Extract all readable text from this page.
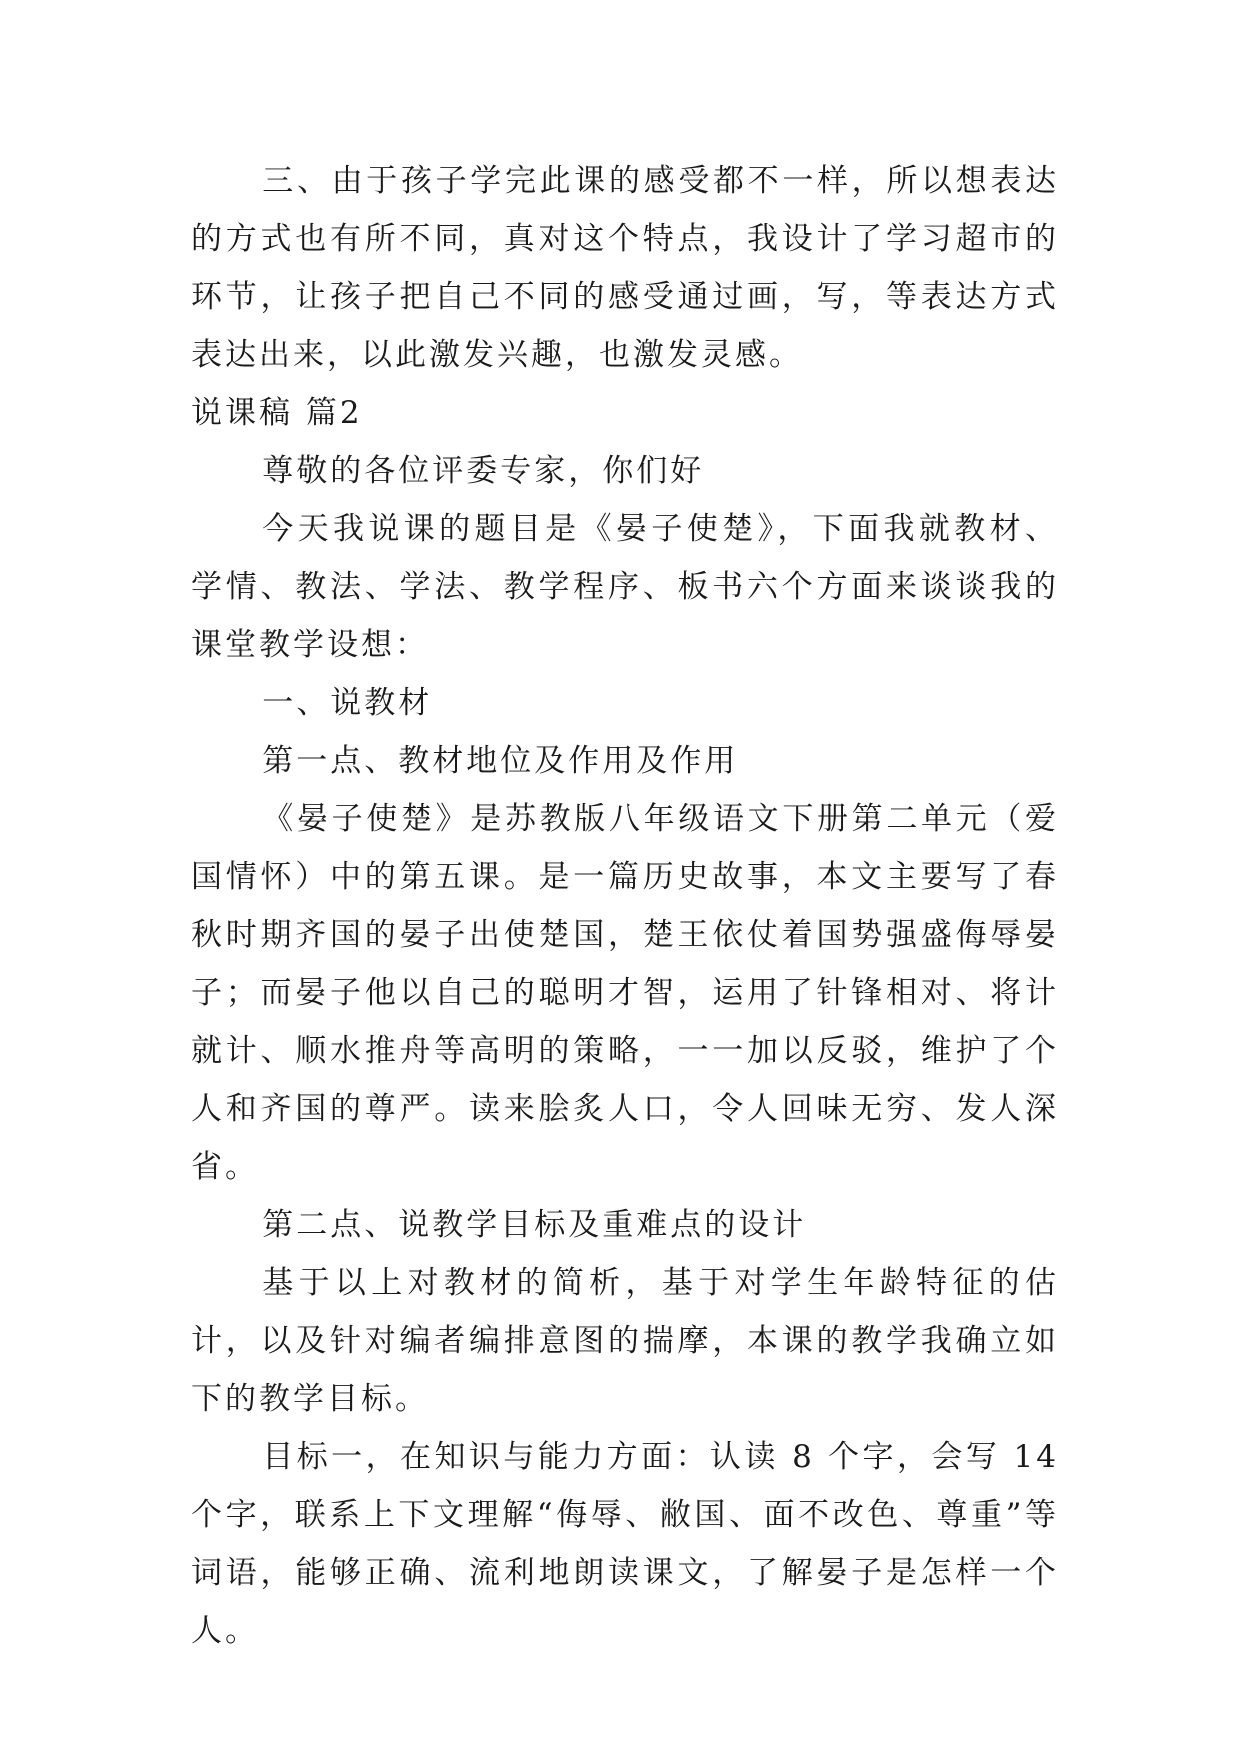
三、由于孩子学完此课的感受都不一样，所以想表达的方式也有所不同，真对这个特点，我设计了学习超市的环节，让孩子把自己不同的感受通过画，写，等表达方式表达出来，以此激发兴趣，也激发灵感。

说课稿 篇2

尊敬的各位评委专家，你们好

今天我说课的题目是《晏子使楚》，下面我就教材、学情、教法、学法、教学程序、板书六个方面来谈谈我的课堂教学设想：

一、说教材

第一点、教材地位及作用及作用

《晏子使楚》是苏教版八年级语文下册第二单元（爱国情怀）中的第五课。是一篇历史故事，本文主要写了春秋时期齐国的晏子出使楚国，楚王依仗着国势强盛侮辱晏子；而晏子他以自己的聪明才智，运用了针锋相对、将计就计、顺水推舟等高明的策略，一一加以反驳，维护了个人和齐国的尊严。读来脍炙人口，令人回味无穷、发人深省。

第二点、说教学目标及重难点的设计

基于以上对教材的简析，基于对学生年龄特征的估计，以及针对编者编排意图的揣摩，本课的教学我确立如下的教学目标。

目标一，在知识与能力方面：认读 8 个字，会写 14 个字，联系上下文理解“侮辱、敝国、面不改色、尊重”等词语，能够正确、流利地朗读课文，了解晏子是怎样一个人。
